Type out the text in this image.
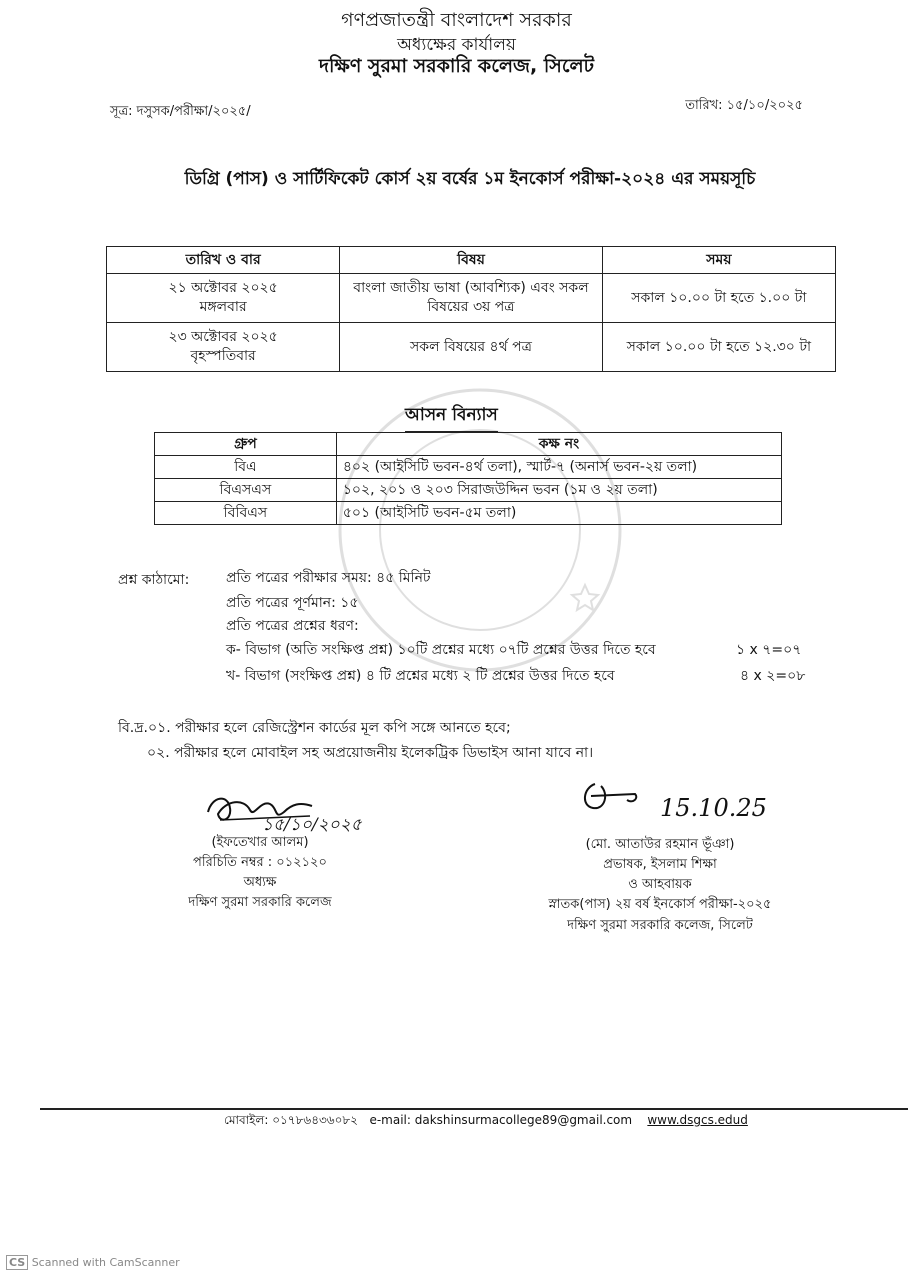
গণপ্রজাতন্ত্রী বাংলাদেশ সরকার
অধ্যক্ষের কার্যালয়
দক্ষিণ সুরমা সরকারি কলেজ, সিলেট
সূত্র: দসুসক/পরীক্ষা/২০২৫/	তারিখ: ১৫/১০/২০২৫
ডিগ্রি (পাস) ও সার্টিফিকেট কোর্স ২য় বর্ষের ১ম ইনকোর্স পরীক্ষা-২০২৪ এর সময়সূচি
তারিখ ও বার	বিষয়	সময়

২১ অক্টোবর ২০২৫
মঙ্গলবার	বাংলা জাতীয় ভাষা (আবশ্যিক) এবং সকল বিষয়ের ৩য় পত্র	সকাল ১০.০০ টা হতে ১.০০ টা

২৩ অক্টোবর ২০২৫
বৃহস্পতিবার	সকল বিষয়ের ৪র্থ পত্র	সকাল ১০.০০ টা হতে ১২.৩০ টা
আসন বিন্যাস
গ্রুপ	কক্ষ নং
বিএ	৪০২ (আইসিটি ভবন-৪র্থ তলা), স্মার্ট-৭ (অনার্স ভবন-২য় তলা)
বিএসএস	১০২, ২০১ ও ২০৩ সিরাজউদ্দিন ভবন (১ম ও ২য় তলা)
বিবিএস	৫০১ (আইসিটি ভবন-৫ম তলা)
প্রশ্ন কাঠামো:	প্রতি পত্রের পরীক্ষার সময়: ৪৫ মিনিট
প্রতি পত্রের পূর্ণমান: ১৫
প্রতি পত্রের প্রশ্নের ধরণ:
ক- বিভাগ (অতি সংক্ষিপ্ত প্রশ্ন) ১০টি প্রশ্নের মধ্যে ০৭টি প্রশ্নের উত্তর দিতে হবে	১ x ৭=০৭
খ- বিভাগ (সংক্ষিপ্ত প্রশ্ন) ৪ টি প্রশ্নের মধ্যে ২ টি প্রশ্নের উত্তর দিতে হবে	৪ x ২=০৮
বি.দ্র.০১. পরীক্ষার হলে রেজিস্ট্রেশন কার্ডের মূল কপি সঙ্গে আনতে হবে;
০২. পরীক্ষার হলে মোবাইল সহ অপ্রয়োজনীয় ইলেকট্রিক ডিভাইস আনা যাবে না।
১৫/১০/২০২৫
(ইফতেখার আলম)
পরিচিতি নম্বর : ০১২১২০
অধ্যক্ষ
দক্ষিণ সুরমা সরকারি কলেজ
15.10.25
(মো. আতাউর রহমান ভূঁঞা)
প্রভাষক, ইসলাম শিক্ষা
ও আহবায়ক
স্নাতক(পাস) ২য় বর্ষ ইনকোর্স পরীক্ষা-২০২৫
দক্ষিণ সুরমা সরকারি কলেজ, সিলেট
মোবাইল: ০১৭৮৬৪৩৬০৮২ e-mail: dakshinsurmacollege89@gmail.com www.dsgcs.edud
CS Scanned with CamScanner
